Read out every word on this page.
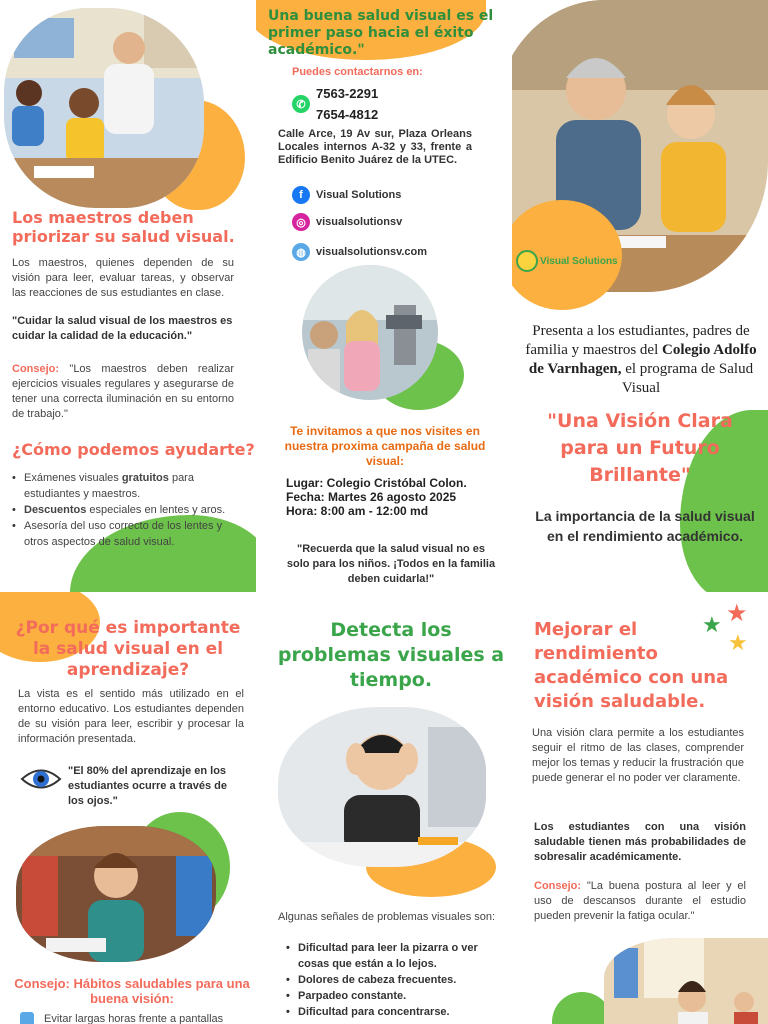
Los maestros deben priorizar su salud visual.

Los maestros, quienes dependen de su visión para leer, evaluar tareas, y observar las reacciones de sus estudiantes en clase.

"Cuidar la salud visual de los maestros es cuidar la calidad de la educación."

Consejo: "Los maestros deben realizar ejercicios visuales regulares y asegurarse de tener una correcta iluminación en su entorno de trabajo."

¿Cómo podemos ayudarte?
• Exámenes visuales gratuitos para estudiantes y maestros.
• Descuentos especiales en lentes y aros.
• Asesoría del uso correcto de los lentes y otros aspectos de salud visual.
Una buena salud visual es el primer paso hacia el éxito académico."

Puedes contactarnos en:

✆

7563-2291

7654-4812

Calle Arce, 19 Av sur, Plaza Orleans Locales internos A-32 y 33, frente a Edificio Benito Juárez de la UTEC.

f	Visual Solutions
◎ visualsolutionsv
◍ visualsolutionsv.com

Te invitamos a que nos visites en nuestra proxima campaña de salud visual:

Lugar: Colegio Cristóbal Colon.

Fecha: Martes 26 agosto 2025

Hora: 8:00 am - 12:00 md

"Recuerda que la salud visual no es solo para los niños. ¡Todos en la familia deben cuidarla!"

Visual Solutions

Presenta a los estudiantes, padres de familia y maestros del Colegio Adolfo de Varnhagen, el programa de Salud Visual

"Una Visión Clara para un Futuro Brillante"

La importancia de la salud visual en el rendimiento académico.

¿Por qué es importante la salud visual en el aprendizaje?

La vista es el sentido más utilizado en el entorno educativo. Los estudiantes dependen de su visión para leer, escribir y procesar la información presentada.

"El 80% del aprendizaje en los estudiantes ocurre a través de los ojos."

Consejo: Hábitos saludables para una buena visión:

Evitar largas horas frente a pantallas
Detecta los problemas visuales a tiempo.

Algunas señales de problemas visuales son:

• Dificultad para leer la pizarra o ver cosas que están a lo lejos.
• Dolores de cabeza frecuentes.
• Parpadeo constante.
• Dificultad para concentrarse.
★
★
★
Mejorar el rendimiento académico con una visión saludable.

Una visión clara permite a los estudiantes seguir el ritmo de las clases, comprender mejor los temas y reducir la frustración que puede generar el no poder ver claramente.

Los estudiantes con una visión saludable tienen más probabilidades de sobresalir académicamente.

Consejo: "La buena postura al leer y el uso de descansos durante el estudio pueden prevenir la fatiga ocular."
